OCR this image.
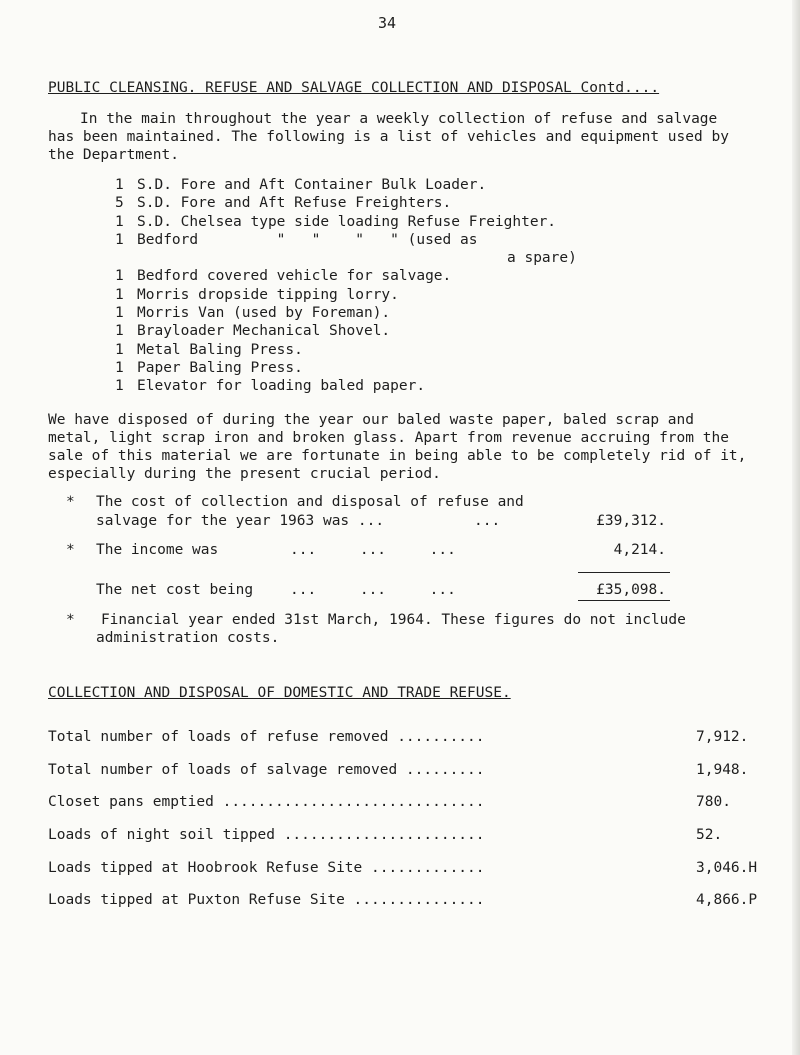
34
PUBLIC CLEANSING. REFUSE AND SALVAGE COLLECTION AND DISPOSAL Contd....
In the main throughout the year a weekly collection of refuse and salvage has been maintained. The following is a list of vehicles and equipment used by the Department.
1 S.D. Fore and Aft Container Bulk Loader.
5 S.D. Fore and Aft Refuse Freighters.
1 S.D. Chelsea type side loading Refuse Freighter.
1 Bedford         "   "    "   " (used as
a spare)
1 Bedford covered vehicle for salvage.
1 Morris dropside tipping lorry.
1 Morris Van (used by Foreman).
1 Brayloader Mechanical Shovel.
1 Metal Baling Press.
1 Paper Baling Press.
1 Elevator for loading baled paper.
We have disposed of during the year our baled waste paper, baled scrap and metal, light scrap iron and broken glass. Apart from revenue accruing from the sale of this material we are fortunate in being able to be completely rid of it, especially during the present crucial period.
* The cost of collection and disposal of refuse and
salvage for the year 1963 was ...	...	£39,312.
* The income was	...     ...     ...	4,214.
The net cost being	...     ...     ...	£35,098.
* Financial year ended 31st March, 1964. These figures do not include administration costs.
COLLECTION AND DISPOSAL OF DOMESTIC AND TRADE REFUSE.
Total number of loads of refuse removed ..........	7,912.
Total number of loads of salvage removed .........	1,948.
Closet pans emptied ..............................	780.
Loads of night soil tipped .......................	52.
Loads tipped at Hoobrook Refuse Site .............	3,046.H
Loads tipped at Puxton Refuse Site ...............	4,866.P
